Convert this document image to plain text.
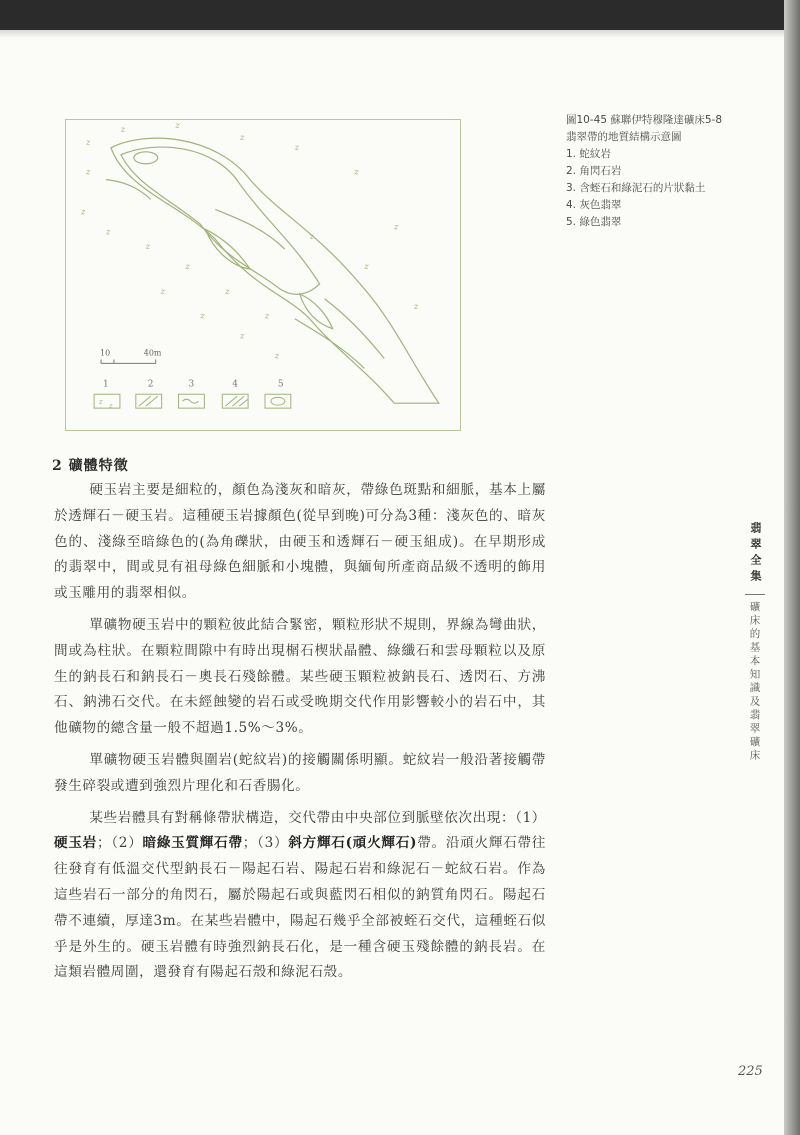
z
z	z
z
z
z
z
z
z
z
z
z
z
z
z
z
z
z
z
z
z
10	40m
1	2	3	4	5
z z

圖10-45 蘇聯伊特穆隆達礦床5-8翡翠帶的地質結構示意圖

1. 蛇紋岩

2. 角閃石岩

3. 含蛭石和綠泥石的片狀黏土

4. 灰色翡翠

5. 綠色翡翠

2 礦體特徵

硬玉岩主要是細粒的，顏色為淺灰和暗灰，帶綠色斑點和細脈，基本上屬於透輝石－硬玉岩。這種硬玉岩據顏色(從早到晚)可分為3種：淺灰色的、暗灰色的、淺綠至暗綠色的(為角礫狀，由硬玉和透輝石－硬玉組成)。在早期形成的翡翠中，間或見有祖母綠色細脈和小塊體，與緬甸所產商品級不透明的飾用或玉雕用的翡翠相似。

單礦物硬玉岩中的顆粒彼此結合緊密，顆粒形狀不規則，界線為彎曲狀，間或為柱狀。在顆粒間隙中有時出現榍石楔狀晶體、綠纖石和雲母顆粒以及原生的鈉長石和鈉長石－奧長石殘餘體。某些硬玉顆粒被鈉長石、透閃石、方沸石、鈉沸石交代。在未經蝕變的岩石或受晚期交代作用影響較小的岩石中，其他礦物的總含量一般不超過1.5%～3%。

單礦物硬玉岩體與圍岩(蛇紋岩)的接觸關係明顯。蛇紋岩一般沿著接觸帶發生碎裂或遭到強烈片理化和石香腸化。

某些岩體具有對稱條帶狀構造，交代帶由中央部位到脈壁依次出現：（1）硬玉岩；（2）暗綠玉質輝石帶；（3）斜方輝石(頑火輝石)帶。沿頑火輝石帶往往發育有低溫交代型鈉長石－陽起石岩、陽起石岩和綠泥石－蛇紋石岩。作為這些岩石一部分的角閃石，屬於陽起石或與藍閃石相似的鈉質角閃石。陽起石帶不連續，厚達3m。在某些岩體中，陽起石幾乎全部被蛭石交代，這種蛭石似乎是外生的。硬玉岩體有時強烈鈉長石化，是一種含硬玉殘餘體的鈉長岩。在這類岩體周圍，還發育有陽起石殼和綠泥石殼。

翡翠全集
礦床的基本知識及翡翠礦床
225
